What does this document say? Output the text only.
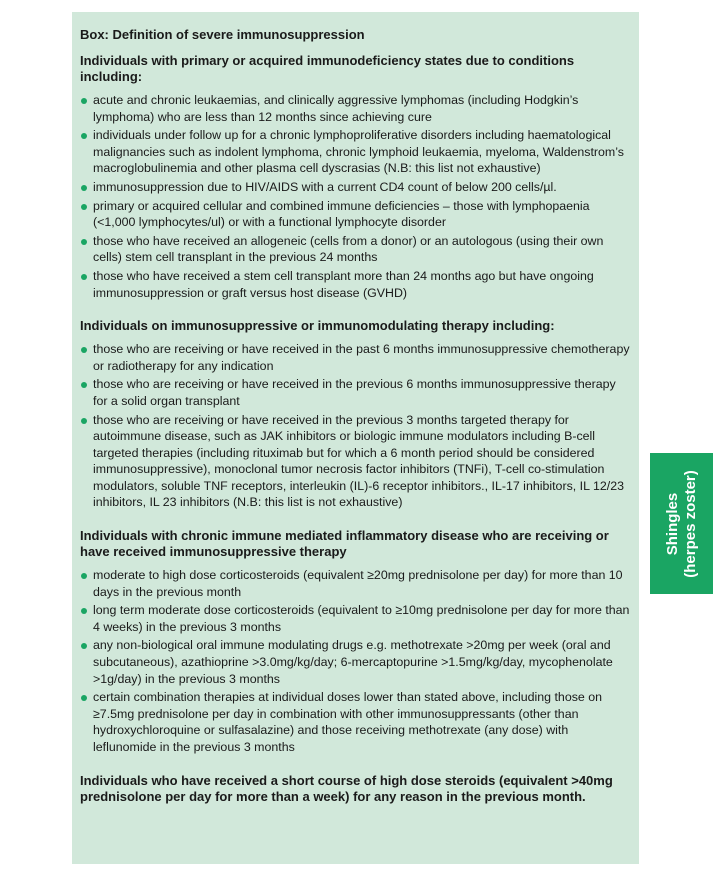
Box: Definition of severe immunosuppression
Individuals with primary or acquired immunodeficiency states due to conditions including:
acute and chronic leukaemias, and clinically aggressive lymphomas (including Hodgkin’s lymphoma) who are less than 12 months since achieving cure
individuals under follow up for a chronic lymphoproliferative disorders including haematological malignancies such as indolent lymphoma, chronic lymphoid leukaemia, myeloma, Waldenstrom’s macroglobulinemia and other plasma cell dyscrasias (N.B: this list not exhaustive)
immunosuppression due to HIV/AIDS with a current CD4 count of below 200 cells/µl.
primary or acquired cellular and combined immune deficiencies – those with lymphopaenia (<1,000 lymphocytes/ul) or with a functional lymphocyte disorder
those who have received an allogeneic (cells from a donor) or an autologous (using their own cells) stem cell transplant in the previous 24 months
those who have received a stem cell transplant more than 24 months ago but have ongoing immunosuppression or graft versus host disease (GVHD)
Individuals on immunosuppressive or immunomodulating therapy including:
those who are receiving or have received in the past 6 months immunosuppressive chemotherapy or radiotherapy for any indication
those who are receiving or have received in the previous 6 months immunosuppressive therapy for a solid organ transplant
those who are receiving or have received in the previous 3 months targeted therapy for autoimmune disease, such as JAK inhibitors or biologic immune modulators including B-cell targeted therapies (including rituximab but for which a 6 month period should be considered immunosuppressive), monoclonal tumor necrosis factor inhibitors (TNFi), T-cell co-stimulation modulators, soluble TNF receptors, interleukin (IL)-6 receptor inhibitors., IL-17 inhibitors, IL 12/23 inhibitors, IL 23 inhibitors (N.B: this list is not exhaustive)
Individuals with chronic immune mediated inflammatory disease who are receiving or have received immunosuppressive therapy
moderate to high dose corticosteroids (equivalent ≥20mg prednisolone per day) for more than 10 days in the previous month
long term moderate dose corticosteroids (equivalent to ≥10mg prednisolone per day for more than 4 weeks) in the previous 3 months
any non-biological oral immune modulating drugs e.g. methotrexate >20mg per week (oral and subcutaneous), azathioprine >3.0mg/kg/day; 6-mercaptopurine >1.5mg/kg/day, mycophenolate >1g/day) in the previous 3 months
certain combination therapies at individual doses lower than stated above, including those on ≥7.5mg prednisolone per day in combination with other immunosuppressants (other than hydroxychloroquine or sulfasalazine) and those receiving methotrexate (any dose) with leflunomide in the previous 3 months
Individuals who have received a short course of high dose steroids (equivalent >40mg prednisolone per day for more than a week) for any reason in the previous month.
Shingles (herpes zoster)
